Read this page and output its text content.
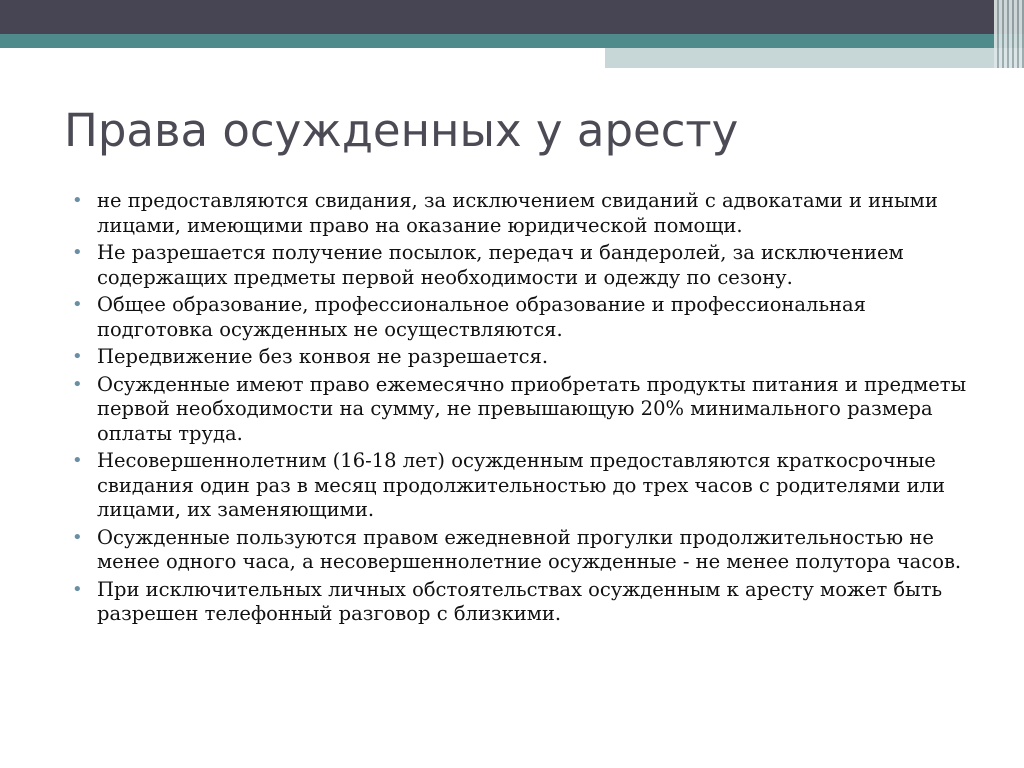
Права осужденных у аресту
• не предоставляются свидания, за исключением свиданий с адвокатами и иными лицами, имеющими право на оказание юридической помощи.
• Не разрешается получение посылок, передач и бандеролей, за исключением содержащих предметы первой необходимости и одежду по сезону.
• Общее образование, профессиональное образование и профессиональная подготовка осужденных не осуществляются.
• Передвижение без конвоя не разрешается.
• Осужденные имеют право ежемесячно приобретать продукты питания и предметы первой необходимости на сумму, не превышающую 20% минимального размера оплаты труда.
• Несовершеннолетним (16-18 лет) осужденным предоставляются краткосрочные свидания один раз в месяц продолжительностью до трех часов с родителями или лицами, их заменяющими.
• Осужденные пользуются правом ежедневной прогулки продолжительностью не менее одного часа, а несовершеннолетние осужденные - не менее полутора часов.
• При исключительных личных обстоятельствах осужденным к аресту может быть разрешен телефонный разговор с близкими.
